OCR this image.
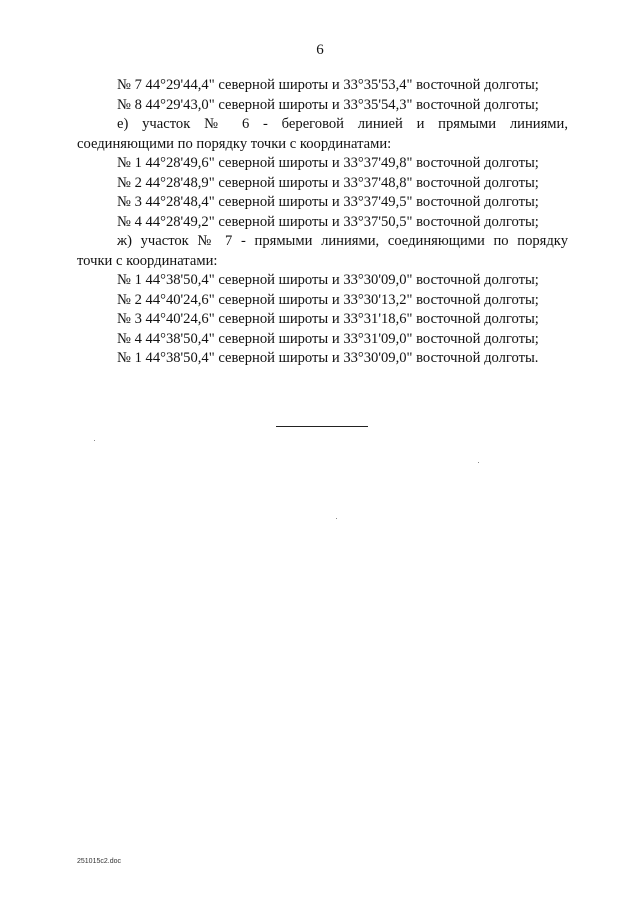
6
№ 7 44°29'44,4" северной широты и 33°35'53,4" восточной долготы;
№ 8 44°29'43,0" северной широты и 33°35'54,3" восточной долготы;
е) участок № 6 - береговой линией и прямыми линиями,
соединяющими по порядку точки с координатами:
№ 1 44°28'49,6" северной широты и 33°37'49,8" восточной долготы;
№ 2 44°28'48,9" северной широты и 33°37'48,8" восточной долготы;
№ 3 44°28'48,4" северной широты и 33°37'49,5" восточной долготы;
№ 4 44°28'49,2" северной широты и 33°37'50,5" восточной долготы;
ж) участок № 7 - прямыми линиями, соединяющими по порядку
точки с координатами:
№ 1 44°38'50,4" северной широты и 33°30'09,0" восточной долготы;
№ 2 44°40'24,6" северной широты и 33°30'13,2" восточной долготы;
№ 3 44°40'24,6" северной широты и 33°31'18,6" восточной долготы;
№ 4 44°38'50,4" северной широты и 33°31'09,0" восточной долготы;
№ 1 44°38'50,4" северной широты и 33°30'09,0" восточной долготы.
251015c2.doc
